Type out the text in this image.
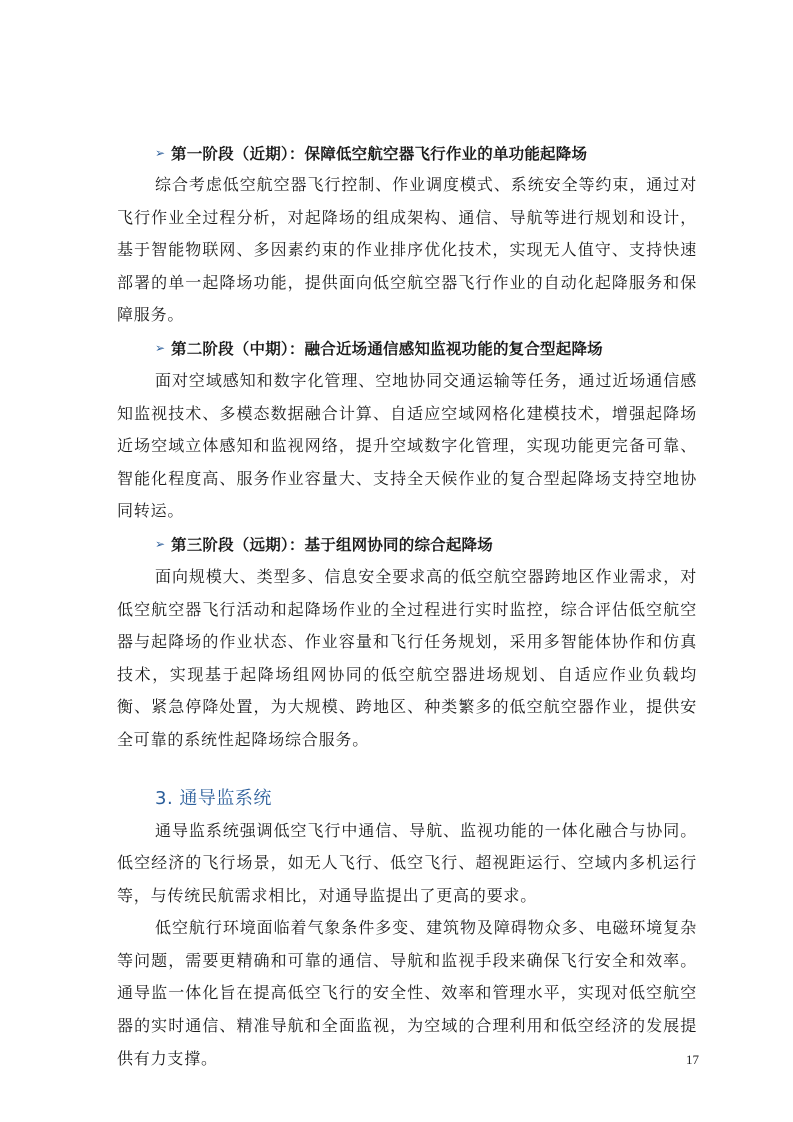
➢ 第一阶段（近期）：保障低空航空器飞行作业的单功能起降场

综合考虑低空航空器飞行控制、作业调度模式、系统安全等约束，通过对飞行作业全过程分析，对起降场的组成架构、通信、导航等进行规划和设计，基于智能物联网、多因素约束的作业排序优化技术，实现无人值守、支持快速部署的单一起降场功能，提供面向低空航空器飞行作业的自动化起降服务和保障服务。

➢ 第二阶段（中期）：融合近场通信感知监视功能的复合型起降场

面对空域感知和数字化管理、空地协同交通运输等任务，通过近场通信感知监视技术、多模态数据融合计算、自适应空域网格化建模技术，增强起降场近场空域立体感知和监视网络，提升空域数字化管理，实现功能更完备可靠、智能化程度高、服务作业容量大、支持全天候作业的复合型起降场支持空地协同转运。

➢ 第三阶段（远期）：基于组网协同的综合起降场

面向规模大、类型多、信息安全要求高的低空航空器跨地区作业需求，对低空航空器飞行活动和起降场作业的全过程进行实时监控，综合评估低空航空器与起降场的作业状态、作业容量和飞行任务规划，采用多智能体协作和仿真技术，实现基于起降场组网协同的低空航空器进场规划、自适应作业负载均衡、紧急停降处置，为大规模、跨地区、种类繁多的低空航空器作业，提供安全可靠的系统性起降场综合服务。

3. 通导监系统

通导监系统强调低空飞行中通信、导航、监视功能的一体化融合与协同。低空经济的飞行场景，如无人飞行、低空飞行、超视距运行、空域内多机运行等，与传统民航需求相比，对通导监提出了更高的要求。

低空航行环境面临着气象条件多变、建筑物及障碍物众多、电磁环境复杂等问题，需要更精确和可靠的通信、导航和监视手段来确保飞行安全和效率。通导监一体化旨在提高低空飞行的安全性、效率和管理水平，实现对低空航空器的实时通信、精准导航和全面监视，为空域的合理利用和低空经济的发展提供有力支撑。	17
